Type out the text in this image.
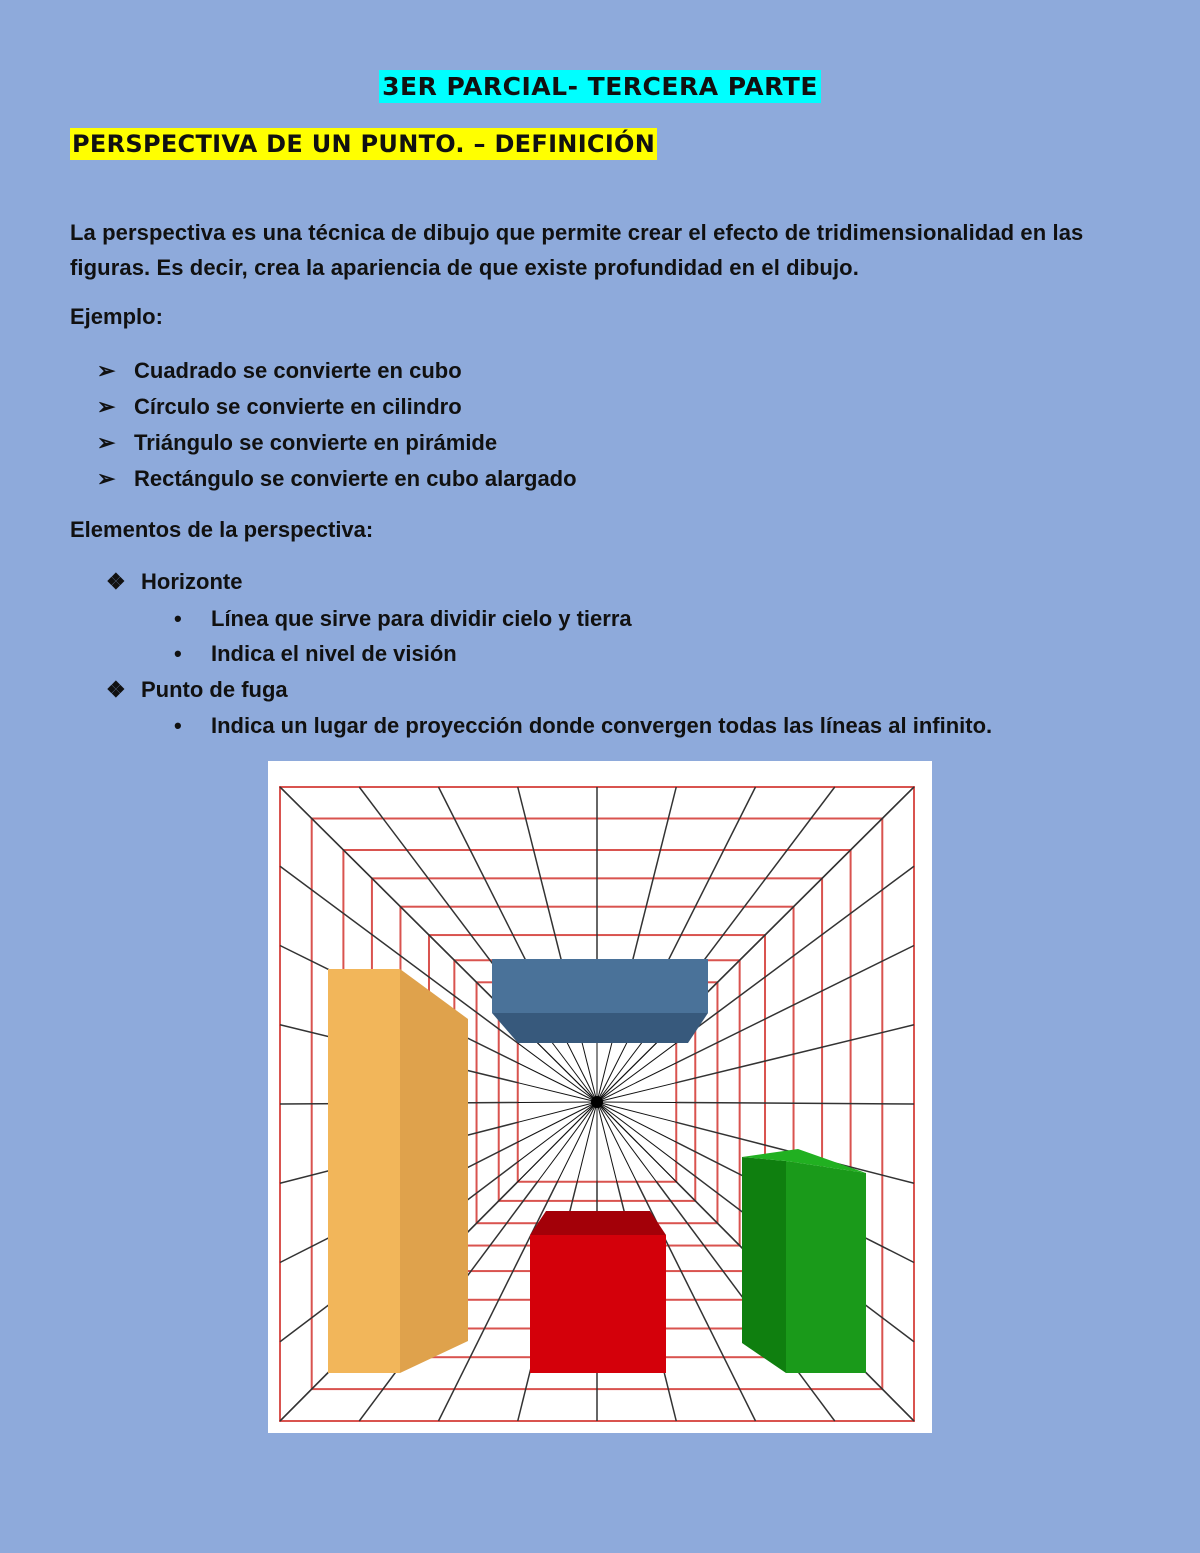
3ER PARCIAL- TERCERA PARTE
PERSPECTIVA DE UN PUNTO. – DEFINICIÓN
La perspectiva es una técnica de dibujo que permite crear el efecto de tridimensionalidad en las figuras. Es decir, crea la apariencia de que existe profundidad en el dibujo.
Ejemplo:
➢ Cuadrado se convierte en cubo
➢ Círculo se convierte en cilindro
➢ Triángulo se convierte en pirámide
➢ Rectángulo se convierte en cubo alargado
Elementos de la perspectiva:
❖ Horizonte
• Línea que sirve para dividir cielo y tierra
• Indica el nivel de visión
❖ Punto de fuga
• Indica un lugar de proyección donde convergen todas las líneas al infinito.
